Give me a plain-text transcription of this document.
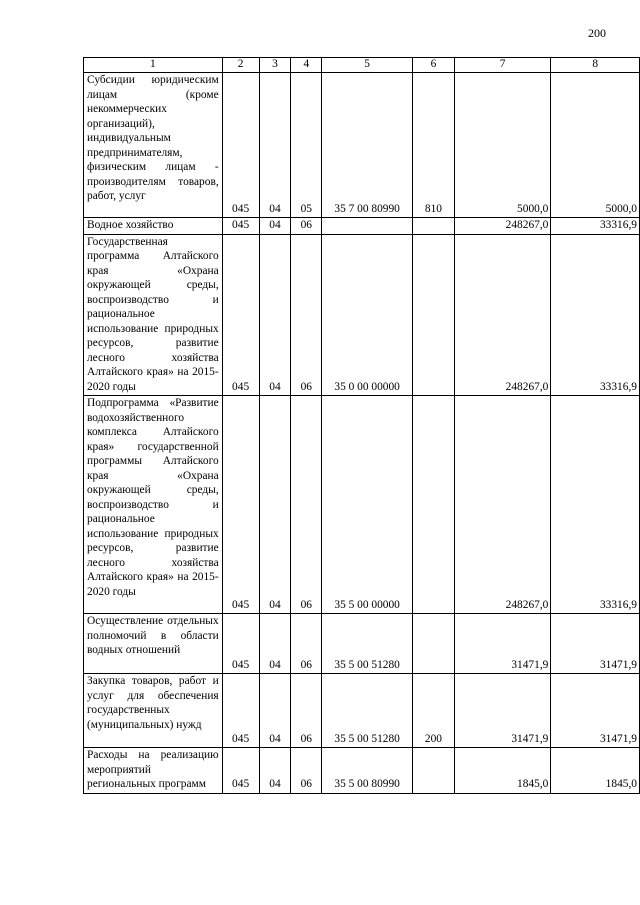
200
1	2	3	4	5	6	7	8
Субсидии юридическим лицам (кроме некоммерческих организаций), индивидуальным предпринимателям, физическим лицам - производителям товаров, работ, услуг	045	04	05	35 7 00 80990	810	5000,0	5000,0
Водное хозяйство	045	04	06			248267,0	33316,9
Государственная программа Алтайского края «Охрана окружающей среды, воспроизводство и рациональное использование природных ресурсов, развитие лесного хозяйства Алтайского края» на 2015-2020 годы	045	04	06	35 0 00 00000		248267,0	33316,9
Подпрограмма «Развитие водохозяйственного комплекса Алтайского края» государственной программы Алтайского края «Охрана окружающей среды, воспроизводство и рациональное использование природных ресурсов, развитие лесного хозяйства Алтайского края» на 2015-2020 годы	045	04	06	35 5 00 00000		248267,0	33316,9
Осуществление отдельных полномочий в области водных отношений	045	04	06	35 5 00 51280		31471,9	31471,9
Закупка товаров, работ и услуг для обеспечения государственных (муниципальных) нужд	045	04	06	35 5 00 51280	200	31471,9	31471,9
Расходы на реализацию мероприятий региональных программ	045	04	06	35 5 00 80990		1845,0	1845,0
